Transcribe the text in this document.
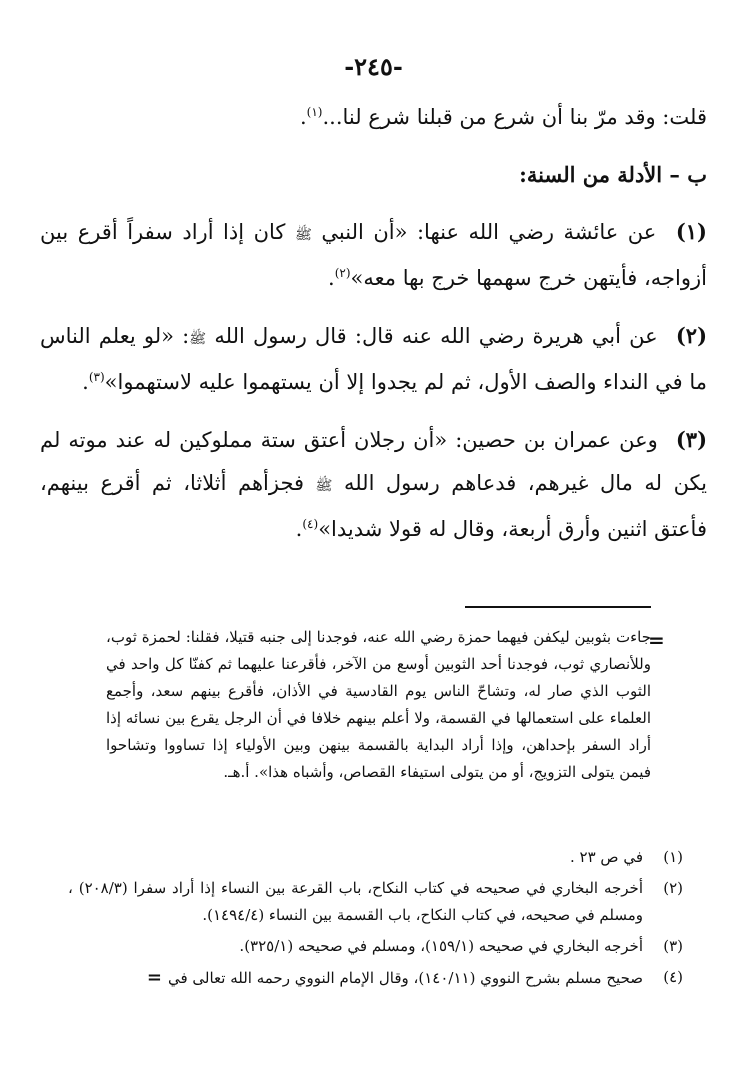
-٢٤٥-

قلت: وقد مرّ بنا أن شرع من قبلنا شرع لنا...$^{(١)}$.

ب – الأدلة من السنة:

(١) عن عائشة رضي الله عنها: «أن النبي ﷺ كان إذا أراد سفراً أقرع بين أزواجه، فأيتهن خرج سهمها خرج بها معه»$^{(٢)}$.

(٢) عن أبي هريرة رضي الله عنه قال: قال رسول الله ﷺ: «لو يعلم الناس ما في النداء والصف الأول، ثم لم يجدوا إلا أن يستهموا عليه لاستهموا»$^{(٣)}$.

(٣) وعن عمران بن حصين: «أن رجلان أعتق ستة مملوكين له عند موته لم يكن له مال غيرهم، فدعاهم رسول الله ﷺ فجزأهم أثلاثا، ثم أقرع بينهم، فأعتق اثنين وأرق أربعة، وقال له قولا شديدا»$^{(٤)}$.

=
جاءت بثوبين ليكفن فيهما حمزة رضي الله عنه، فوجدنا إلى جنبه قتيلا، فقلنا: لحمزة ثوب، وللأنصاري ثوب، فوجدنا أحد الثوبين أوسع من الآخر، فأقرعنا عليهما ثم كفنّا كل واحد في الثوب الذي صار له، وتشاحّ الناس يوم القادسية في الأذان، فأقرع بينهم سعد، وأجمع العلماء على استعمالها في القسمة، ولا أعلم بينهم خلافا في أن الرجل يقرع بين نسائه إذا أراد السفر بإحداهن، وإذا أراد البداية بالقسمة بينهن وبين الأولياء إذا تساووا وتشاحوا فيمن يتولى التزويج، أو من يتولى استيفاء القصاص، وأشباه هذا». أ.هـ.
(١)
في ص ٢٣ .
(٢)
أخرجه البخاري في صحيحه في كتاب النكاح، باب القرعة بين النساء إذا أراد سفرا (٢٠٨/٣) ، ومسلم في صحيحه، في كتاب النكاح، باب القسمة بين النساء (١٤٩٤/٤).
(٣)
أخرجه البخاري في صحيحه (١٥٩/١)، ومسلم في صحيحه (٣٢٥/١).
(٤)
صحيح مسلم بشرح النووي (١٤٠/١١)، وقال الإمام النووي رحمه الله تعالى في=
